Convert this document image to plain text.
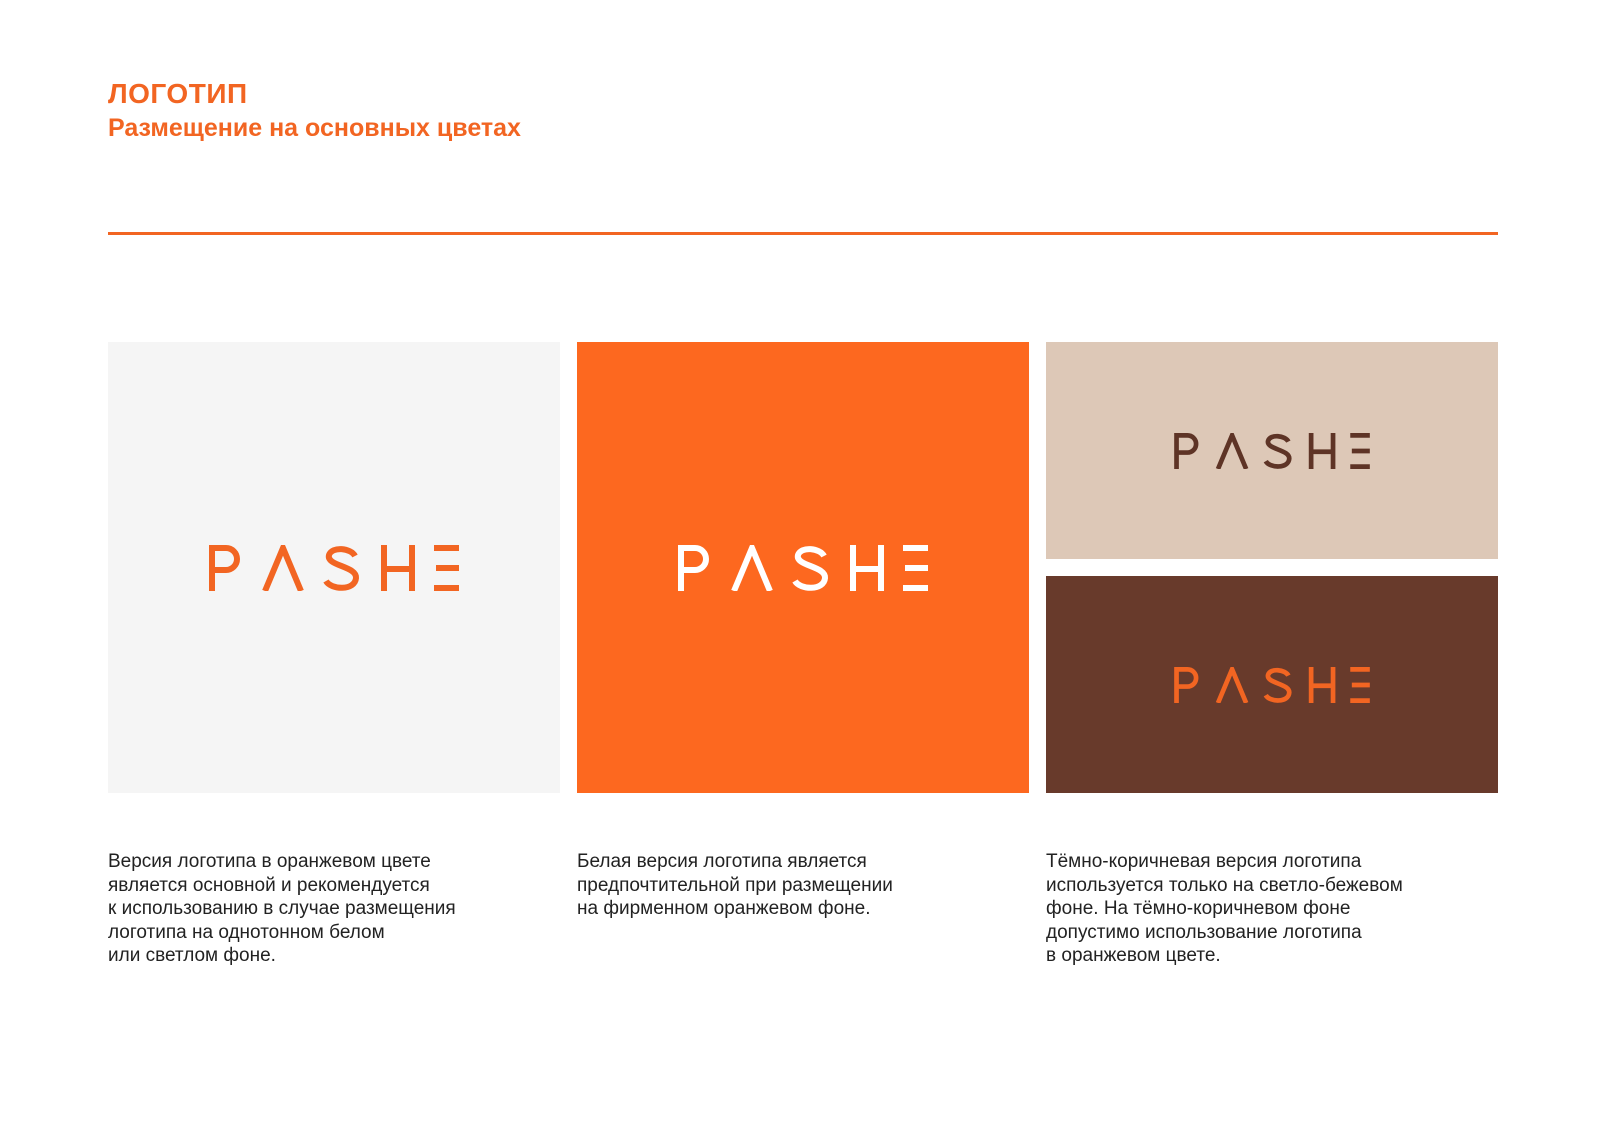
ЛОГОТИП
Размещение на основных цветах

Версия логотипа в оранжевом цвете
является основной и рекомендуется
к использованию в случае размещения
логотипа на однотонном белом
или светлом фоне.

Белая версия логотипа является
предпочтительной при размещении
на фирменном оранжевом фоне.

Тёмно-коричневая версия логотипа
используется только на светло-бежевом
фоне. На тёмно-коричневом фоне
допустимо использование логотипа
в оранжевом цвете.
